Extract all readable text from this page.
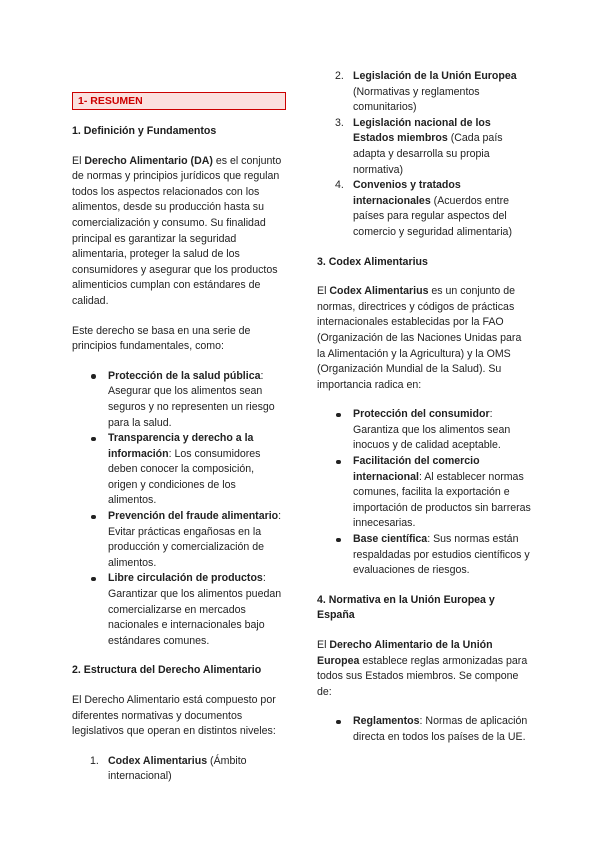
1- RESUMEN
1. Definición y Fundamentos

El Derecho Alimentario (DA) es el conjunto de normas y principios jurídicos que regulan todos los aspectos relacionados con los alimentos, desde su producción hasta su comercialización y consumo. Su finalidad principal es garantizar la seguridad alimentaria, proteger la salud de los consumidores y asegurar que los productos alimenticios cumplan con estándares de calidad.

Este derecho se basa en una serie de principios fundamentales, como:

Protección de la salud pública: Asegurar que los alimentos sean seguros y no representen un riesgo para la salud.
Transparencia y derecho a la información: Los consumidores deben conocer la composición, origen y condiciones de los alimentos.
Prevención del fraude alimentario: Evitar prácticas engañosas en la producción y comercialización de alimentos.
Libre circulación de productos: Garantizar que los alimentos puedan comercializarse en mercados nacionales e internacionales bajo estándares comunes.
2. Estructura del Derecho Alimentario

El Derecho Alimentario está compuesto por diferentes normativas y documentos legislativos que operan en distintos niveles:

1. Codex Alimentarius (Ámbito internacional)
2. Legislación de la Unión Europea (Normativas y reglamentos comunitarios)
3. Legislación nacional de los Estados miembros (Cada país adapta y desarrolla su propia normativa)
4. Convenios y tratados internacionales (Acuerdos entre países para regular aspectos del comercio y seguridad alimentaria)
3. Codex Alimentarius

El Codex Alimentarius es un conjunto de normas, directrices y códigos de prácticas internacionales establecidas por la FAO (Organización de las Naciones Unidas para la Alimentación y la Agricultura) y la OMS (Organización Mundial de la Salud). Su importancia radica en:

Protección del consumidor: Garantiza que los alimentos sean inocuos y de calidad aceptable.
Facilitación del comercio internacional: Al establecer normas comunes, facilita la exportación e importación de productos sin barreras innecesarias.
Base científica: Sus normas están respaldadas por estudios científicos y evaluaciones de riesgos.
4. Normativa en la Unión Europea y España

El Derecho Alimentario de la Unión Europea establece reglas armonizadas para todos sus Estados miembros. Se compone de:

Reglamentos: Normas de aplicación directa en todos los países de la UE.
